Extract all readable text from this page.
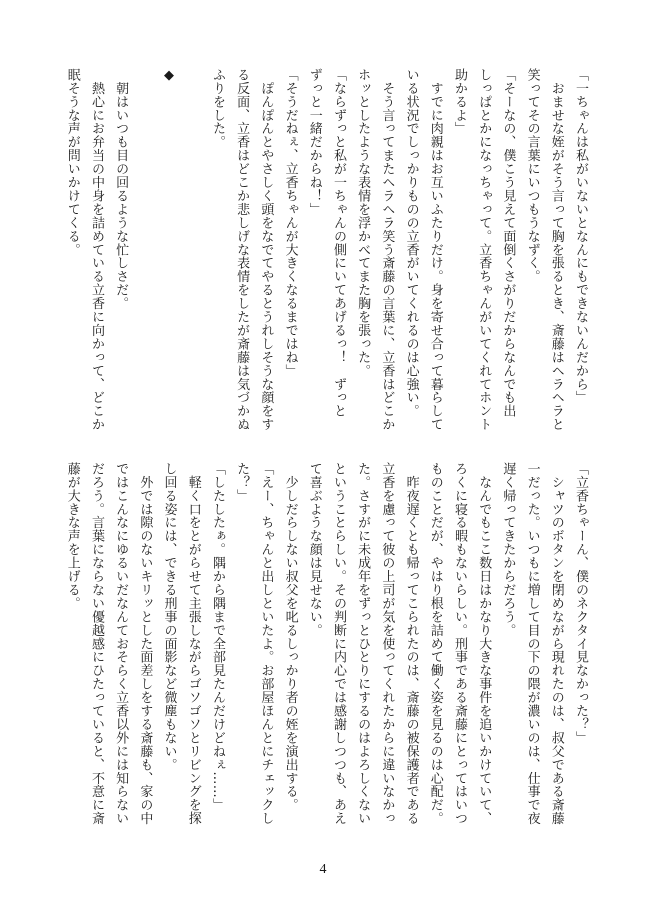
「一ちゃんは私がいないとなんにもできないんだから」
　おませな姪がそう言って胸を張るとき、斎藤はヘラヘラと
笑ってその言葉にいつもうなずく。
「そーなの、僕こう見えて面倒くさがりだからなんでも出
しっぱとかになっちゃって。立香ちゃんがいてくれてホント
助かるよ」
　すでに肉親はお互いふたりだけ。身を寄せ合って暮らして
いる状況でしっかりものの立香がいてくれるのは心強い。
　そう言ってまたヘラヘラ笑う斎藤の言葉に、立香はどこか
ホッとしたような表情を浮かべてまた胸を張った。
「ならずっと私が一ちゃんの側にいてあげるっ！　ずっと
ずっと一緒だからね！」
「そうだねぇ、立香ちゃんが大きくなるまではね」
　ぽんぽんとやさしく頭をなでてやるとうれしそうな顔をす
る反面、立香はどこか悲しげな表情をしたが斎藤は気づかぬ
ふりをした。
◆
　朝はいつも目の回るような忙しさだ。
　熱心にお弁当の中身を詰めている立香に向かって、どこか
眠そうな声が問いかけてくる。
「立香ちゃーん、僕のネクタイ見なかった？」
　シャツのボタンを閉めながら現れたのは、叔父である斎藤
一だった。いつもに増して目の下の隈が濃いのは、仕事で夜
遅く帰ってきたからだろう。
　なんでもここ数日はかなり大きな事件を追いかけていて、
ろくに寝る暇もないらしい。刑事である斎藤にとってはいつ
ものことだが、やはり根を詰めて働く姿を見るのは心配だ。
　昨夜遅くとも帰ってこられたのは、斎藤の被保護者である
立香を慮って彼の上司が気を使ってくれたからに違いなかっ
た。さすがに未成年をずっとひとりにするのはよろしくない
ということらしい。その判断に内心では感謝しつつも、あえ
て喜ぶような顔は見せない。
　少しだらしない叔父を叱るしっかり者の姪を演出する。
「えー、ちゃんと出しといたよ。お部屋ほんとにチェックし
た？」
「したしたぁ。隅から隅まで全部見たんだけどねぇ……」
　軽く口をとがらせて主張しながらゴソゴソとリビングを探
し回る姿には、できる刑事の面影など微塵もない。
　外では隙のないキリッとした面差しをする斎藤も、家の中
ではこんなにゆるいだなんておそらく立香以外には知らない
だろう。言葉にならない優越感にひたっていると、不意に斎
藤が大きな声を上げる。
4
